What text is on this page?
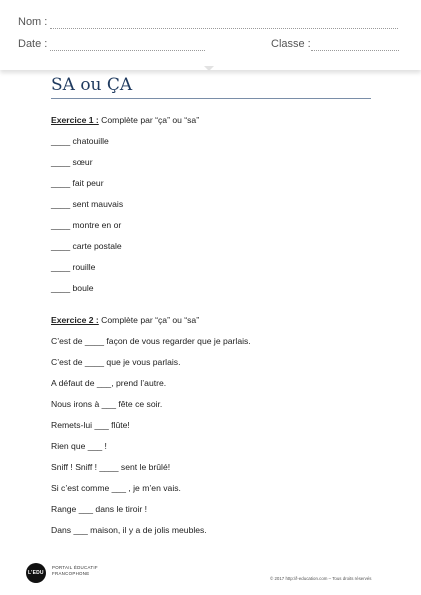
Nom :
Date :	Classe :
SA ou ÇA
Exercice 1 : Complète par “ça” ou “sa”
____ chatouille
____ sœur
____ fait peur
____ sent mauvais
____ montre en or
____ carte postale
____ rouille
____ boule
Exercice 2 : Complète par “ça” ou “sa”
C’est de ____ façon de vous regarder que je parlais.
C’est de ____ que je vous parlais.
A défaut de ___, prend l’autre.
Nous irons à ___ fête ce soir.
Remets-lui ___ flûte!
Rien que ___ !
Sniff ! Sniff ! ____ sent le brûlé!
Si c’est comme ___ , je m’en vais.
Range ___ dans le tiroir !
Dans ___ maison, il y a de jolis meubles.
L’EDU
PORTAIL ÉDUCATIF
FRANCOPHONE
© 2017 http://l-education.com – Tous droits réservés
